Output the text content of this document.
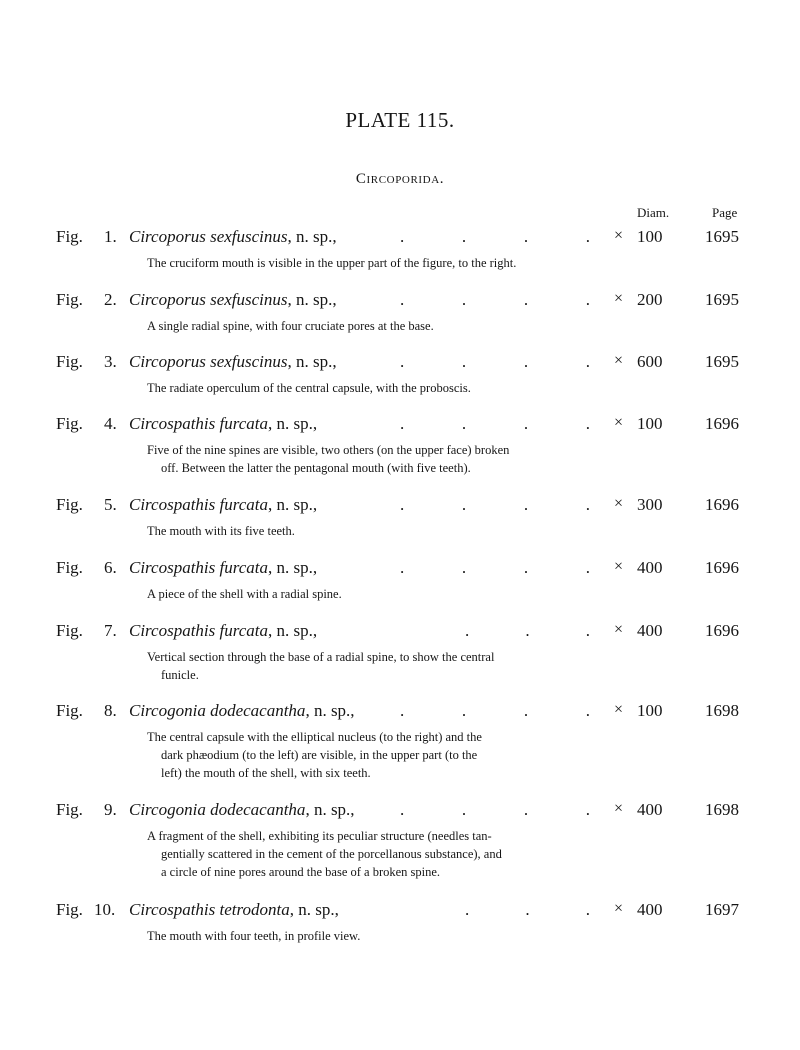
PLATE 115.
Circoporida.
Diam.	Page
Fig. 1. Circoporus sexfuscinus, n. sp.,	.	.	.	. × 100	1695
The cruciform mouth is visible in the upper part of the figure, to the right.
Fig. 2. Circoporus sexfuscinus, n. sp.,	.	.	.	. × 200	1695
A single radial spine, with four cruciate pores at the base.
Fig. 3. Circoporus sexfuscinus, n. sp.,	.	.	.	. × 600	1695
The radiate operculum of the central capsule, with the proboscis.
Fig. 4. Circospathis furcata, n. sp.,	.	.	.	. × 100	1696
Five of the nine spines are visible, two others (on the upper face) broken
off. Between the latter the pentagonal mouth (with five teeth).
Fig. 5. Circospathis furcata, n. sp.,	.	.	.	. × 300	1696
The mouth with its five teeth.
Fig. 6. Circospathis furcata, n. sp.,	.	.	.	. × 400	1696
A piece of the shell with a radial spine.
Fig. 7. Circospathis furcata, n. sp.,	.	.	. × 400	1696
Vertical section through the base of a radial spine, to show the central
funicle.
Fig. 8. Circogonia dodecacantha, n. sp.,	.	.	.	. × 100	1698
The central capsule with the elliptical nucleus (to the right) and the
dark phæodium (to the left) are visible, in the upper part (to the
left) the mouth of the shell, with six teeth.
Fig. 9. Circogonia dodecacantha, n. sp.,	.	.	.	. × 400	1698
A fragment of the shell, exhibiting its peculiar structure (needles tan-
gentially scattered in the cement of the porcellanous substance), and
a circle of nine pores around the base of a broken spine.
Fig. 10. Circospathis tetrodonta, n. sp.,	.	.	. × 400	1697
The mouth with four teeth, in profile view.
